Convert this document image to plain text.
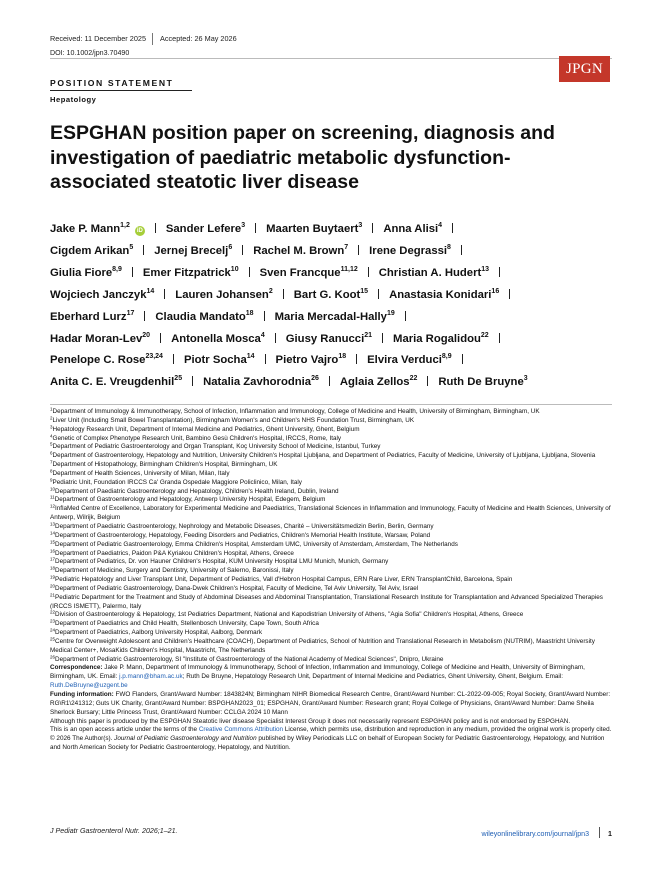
Received: 11 December 2025 Accepted: 26 May 2026
DOI: 10.1002/jpn3.70490
JPGN
POSITION STATEMENT
Hepatology
ESPGHAN position paper on screening, diagnosis and investigation of paediatric metabolic dysfunction-associated steatotic liver disease
Jake P. Mann$^{1,2}$iD Sander Lefere$^3$ Maarten Buytaert$^3$ Anna Alisi$^4$
Cigdem Arikan$^5$ Jernej Brecelj$^6$ Rachel M. Brown$^7$ Irene Degrassi$^8$
Giulia Fiore$^{8,9}$ Emer Fitzpatrick$^{10}$ Sven Francque$^{11,12}$ Christian A. Hudert$^{13}$
Wojciech Janczyk$^{14}$ Lauren Johansen$^2$ Bart G. Koot$^{15}$ Anastasia Konidari$^{16}$
Eberhard Lurz$^{17}$ Claudia Mandato$^{18}$ Maria Mercadal-Hally$^{19}$
Hadar Moran-Lev$^{20}$ Antonella Mosca$^4$ Giusy Ranucci$^{21}$ Maria Rogalidou$^{22}$
Penelope C. Rose$^{23,24}$ Piotr Socha$^{14}$ Pietro Vajro$^{18}$ Elvira Verduci$^{8,9}$
Anita C. E. Vreugdenhil$^{25}$ Natalia Zavhorodnia$^{26}$ Aglaia Zellos$^{22}$ Ruth De Bruyne$^3$

$^1$Department of Immunology & Immunotherapy, School of Infection, Inflammation and Immunology, College of Medicine and Health, University of Birmingham, Birmingham, UK

$^2$Liver Unit (Including Small Bowel Transplantation), Birmingham Women's and Children's NHS Foundation Trust, Birmingham, UK

$^3$Hepatology Research Unit, Department of Internal Medicine and Pediatrics, Ghent University, Ghent, Belgium

$^4$Genetic of Complex Phenotype Research Unit, Bambino Gesù Children's Hospital, IRCCS, Rome, Italy

$^5$Department of Pediatric Gastroenterology and Organ Transplant, Koç University School of Medicine, Istanbul, Turkey

$^6$Department of Gastroenterology, Hepatology and Nutrition, University Children's Hospital Ljubljana, and Department of Pediatrics, Faculty of Medicine, University of Ljubljana, Ljubljana, Slovenia

$^7$Department of Histopathology, Birmingham Children's Hospital, Birmingham, UK

$^8$Department of Health Sciences, University of Milan, Milan, Italy

$^9$Pediatric Unit, Foundation IRCCS Ca' Granda Ospedale Maggiore Policlinico, Milan, Italy

$^{10}$Department of Paediatric Gastroenterology and Hepatology, Children's Health Ireland, Dublin, Ireland

$^{11}$Department of Gastroenterology and Hepatology, Antwerp University Hospital, Edegem, Belgium

$^{12}$InflaMed Centre of Excellence, Laboratory for Experimental Medicine and Paediatrics, Translational Sciences in Inflammation and Immunology, Faculty of Medicine and Health Sciences, University of Antwerp, Wilrijk, Belgium

$^{13}$Department of Paediatric Gastroenterology, Nephrology and Metabolic Diseases, Charité – Universitätsmedizin Berlin, Berlin, Germany

$^{14}$Department of Gastroenterology, Hepatology, Feeding Disorders and Pediatrics, Children's Memorial Health Institute, Warsaw, Poland

$^{15}$Department of Pediatric Gastroenterology, Emma Children's Hospital, Amsterdam UMC, University of Amsterdam, Amsterdam, The Netherlands

$^{16}$Department of Paediatrics, Paidon P&A Kyriakou Children's Hospital, Athens, Greece

$^{17}$Department of Pediatrics, Dr. von Hauner Children's Hospital, KUM University Hospital LMU Munich, Munich, Germany

$^{18}$Department of Medicine, Surgery and Dentistry, University of Salerno, Baronissi, Italy

$^{19}$Pediatric Hepatology and Liver Transplant Unit, Department of Pediatrics, Vall d'Hebron Hospital Campus, ERN Rare Liver, ERN TransplantChild, Barcelona, Spain

$^{20}$Department of Pediatric Gastroenterology, Dana-Dwek Children's Hospital, Faculty of Medicine, Tel Aviv University, Tel Aviv, Israel

$^{21}$Pediatric Department for the Treatment and Study of Abdominal Diseases and Abdominal Transplantation, Translational Research Institute for Transplantation and Advanced Specialized Therapies (IRCCS ISMETT), Palermo, Italy

$^{22}$Division of Gastroenterology & Hepatology, 1st Pediatrics Department, National and Kapodistrian University of Athens, "Agia Sofia" Children's Hospital, Athens, Greece

$^{23}$Department of Paediatrics and Child Health, Stellenbosch University, Cape Town, South Africa

$^{24}$Department of Paediatrics, Aalborg University Hospital, Aalborg, Denmark

$^{25}$Centre for Overweight Adolescent and Children's Healthcare (COACH), Department of Pediatrics, School of Nutrition and Translational Research in Metabolism (NUTRIM), Maastricht University Medical Center+, MosaKids Children's Hospital, Maastricht, The Netherlands

$^{26}$Department of Pediatric Gastroenterology, SI "Institute of Gastroenterology of the National Academy of Medical Sciences", Dnipro, Ukraine

Correspondence: Jake P. Mann, Department of Immunology & Immunotherapy, School of Infection, Inflammation and Immunology, College of Medicine and Health, University of Birmingham, Birmingham, UK. Email: j.p.mann@bham.ac.uk; Ruth De Bruyne, Hepatology Research Unit, Department of Internal Medicine and Pediatrics, Ghent University, Ghent, Belgium. Email: Ruth.DeBruyne@uzgent.be

Funding information: FWO Flanders, Grant/Award Number: 1843824N; Birmingham NIHR Biomedical Research Centre, Grant/Award Number: CL-2022-09-005; Royal Society, Grant/Award Number: RG\R1\241312; Guts UK Charity, Grant/Award Number: BSPGHAN2023_01; ESPGHAN, Grant/Award Number: Research grant; Royal College of Physicians, Grant/Award Number: Dame Sheila Sherlock Bursary; Little Princess Trust, Grant/Award Number: CCLGA 2024 10 Mann

Although this paper is produced by the ESPGHAN Steatotic liver disease Specialist Interest Group it does not necessarily represent ESPGHAN policy and is not endorsed by ESPGHAN.

This is an open access article under the terms of the Creative Commons Attribution License, which permits use, distribution and reproduction in any medium, provided the original work is properly cited.

© 2026 The Author(s). Journal of Pediatric Gastroenterology and Nutrition published by Wiley Periodicals LLC on behalf of European Society for Pediatric Gastroenterology, Hepatology, and Nutrition and North American Society for Pediatric Gastroenterology, Hepatology, and Nutrition.

J Pediatr Gastroenterol Nutr. 2026;1–21.	wileyonlinelibrary.com/journal/jpn3	1
